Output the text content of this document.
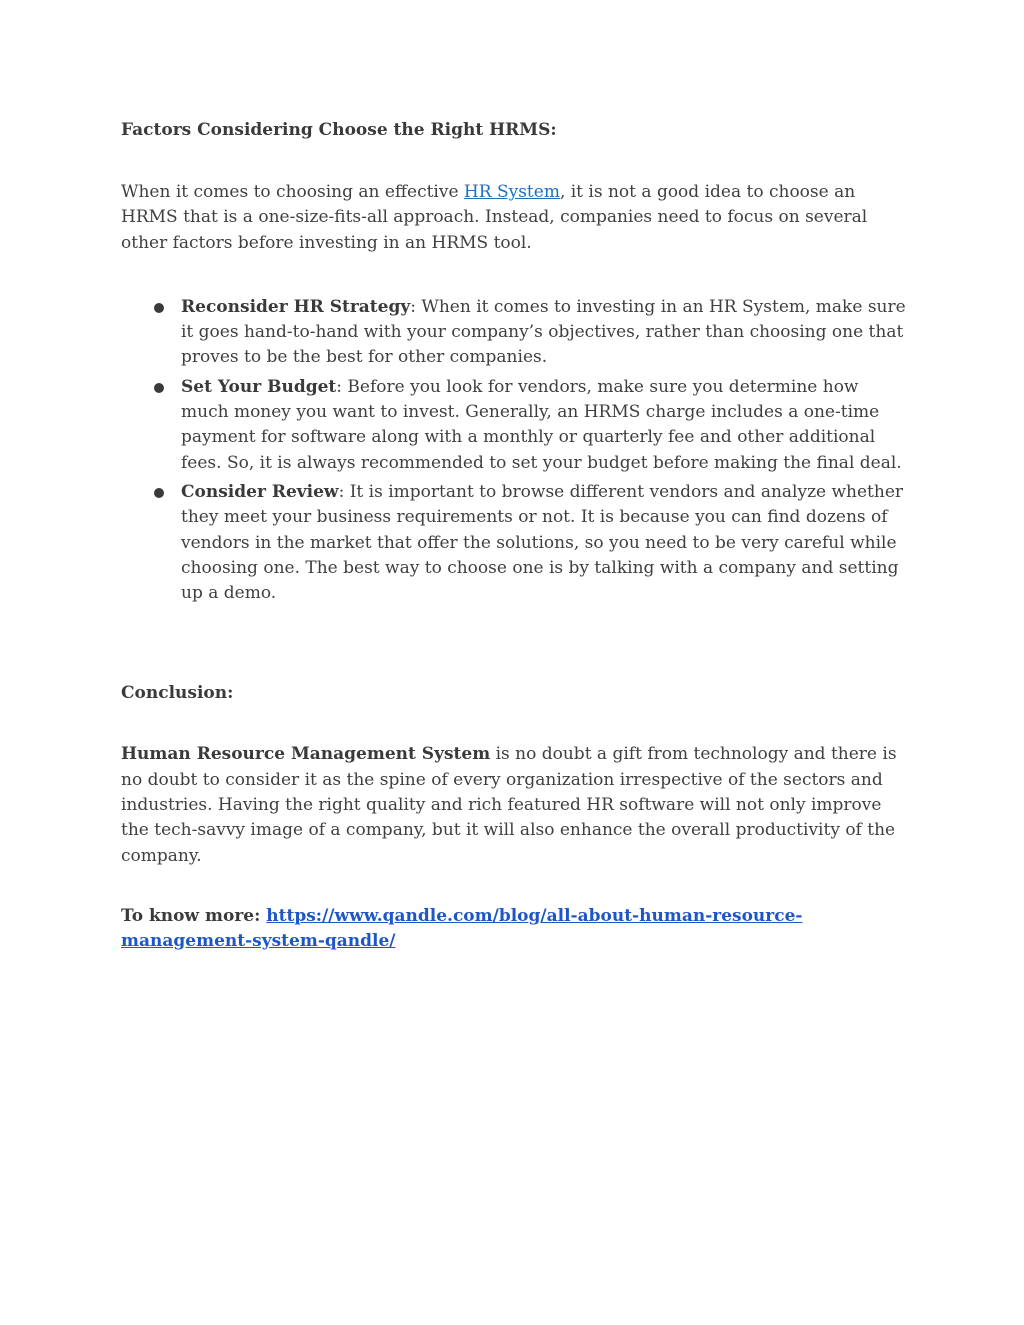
Factors Considering Choose the Right HRMS:

When it comes to choosing an effective HR System, it is not a good idea to choose an HRMS that is a one-size-fits-all approach. Instead, companies need to focus on several other factors before investing in an HRMS tool.

Reconsider HR Strategy: When it comes to investing in an HR System, make sure it goes hand-to-hand with your company’s objectives, rather than choosing one that proves to be the best for other companies.
Set Your Budget: Before you look for vendors, make sure you determine how much money you want to invest. Generally, an HRMS charge includes a one-time payment for software along with a monthly or quarterly fee and other additional fees. So, it is always recommended to set your budget before making the final deal.
Consider Review: It is important to browse different vendors and analyze whether they meet your business requirements or not. It is because you can find dozens of vendors in the market that offer the solutions, so you need to be very careful while choosing one. The best way to choose one is by talking with a company and setting up a demo.
Conclusion:

Human Resource Management System is no doubt a gift from technology and there is no doubt to consider it as the spine of every organization irrespective of the sectors and industries. Having the right quality and rich featured HR software will not only improve the tech-savvy image of a company, but it will also enhance the overall productivity of the company.

To know more: https://www.qandle.com/blog/all-about-human-resource-
management-system-qandle/
